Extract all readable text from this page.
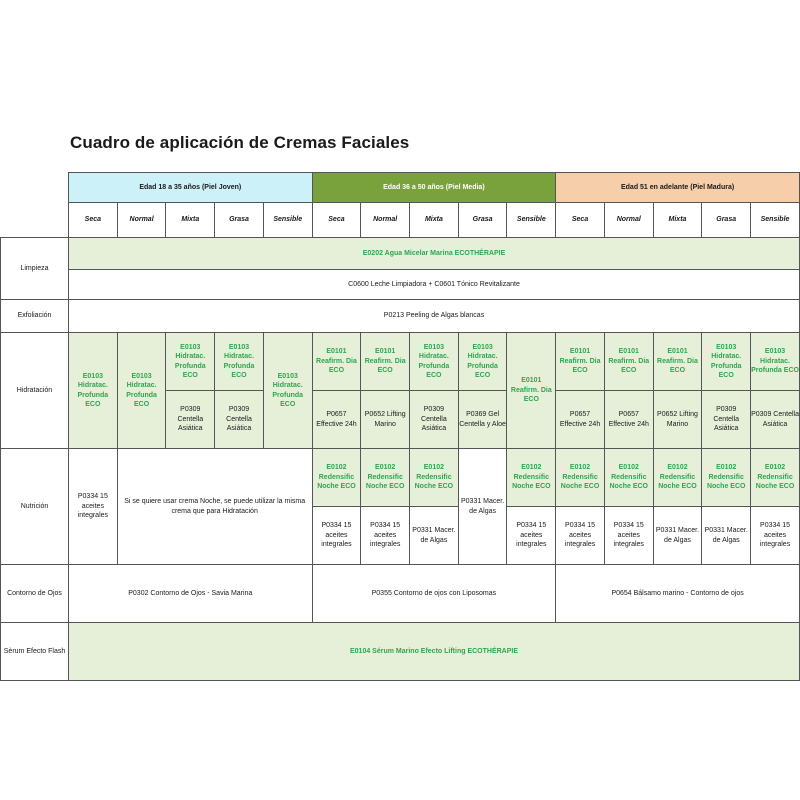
Cuadro de aplicación de Cremas Faciales
	Edad 18 a 35 años (Piel Joven)					Edad 36 a 50 años (Piel Media)					Edad 51 en adelante (Piel Madura)				
	Seca	Normal	Mixta	Grasa	Sensible	Seca	Normal	Mixta	Grasa	Sensible	Seca	Normal	Mixta	Grasa	Sensible
Limpieza	E0202 Agua Micelar Marina ECOTHÉRAPIE														
	C0600 Leche Limpiadora + C0601 Tónico Revitalizante														
Exfoliación	P0213 Peeling de Algas blancas														
Hidratación	E0103 Hidratac. Profunda ECO	E0103 Hidratac. Profunda ECO	E0103 Hidratac. Profunda ECO	E0103 Hidratac. Profunda ECO	E0103 Hidratac. Profunda ECO	E0101 Reafirm. Dia ECO	E0101 Reafirm. Dia ECO	E0103 Hidratac. Profunda ECO	E0103 Hidratac. Profunda ECO	E0101 Reafirm. Dia ECO	E0101 Reafirm. Dia ECO	E0101 Reafirm. Dia ECO	E0101 Reafirm. Dia ECO	E0103 Hidratac. Profunda ECO	E0103 Hidratac. Profunda ECO
			P0309 Centella Asiática	P0309 Centella Asiática		P0657 Effective 24h	P0652 Lifting Marino	P0309 Centella Asiática	P0369 Gel Centella y Aloe		P0657 Effective 24h	P0657 Effective 24h	P0652 Lifting Marino	P0309 Centella Asiática	P0309 Centella Asiática
Nutrición	P0334 15 aceites integrales	Si se quiere usar crema Noche, se puede utilizar la misma crema que para Hidratación				E0102 Redensific Noche ECO	E0102 Redensific Noche ECO	E0102 Redensific Noche ECO	P0331 Macer. de Algas	E0102 Redensific Noche ECO	E0102 Redensific Noche ECO	E0102 Redensific Noche ECO	E0102 Redensific Noche ECO	E0102 Redensific Noche ECO	E0102 Redensific Noche ECO
						P0334 15 aceites integrales	P0334 15 aceites integrales	P0331 Macer. de Algas		P0334 15 aceites integrales	P0334 15 aceites integrales	P0334 15 aceites integrales	P0331 Macer. de Algas	P0331 Macer. de Algas	P0334 15 aceites integrales
Contorno de Ojos	P0302 Contorno de Ojos - Savia Marina					P0355 Contorno de ojos con Liposomas					P0654 Bálsamo marino - Contorno de ojos				
Sèrum Efecto Flash	E0104 Sérum Marino Efecto Lifting ECOTHÉRAPIE														
